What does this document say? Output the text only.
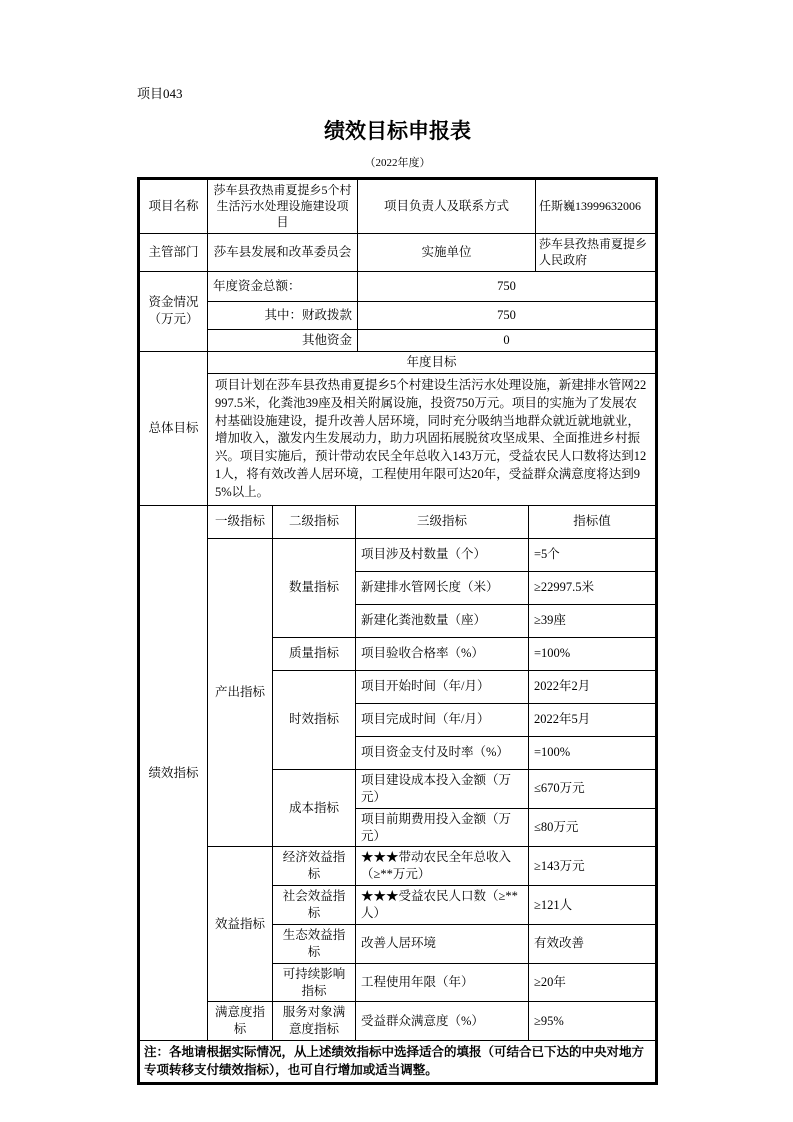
项目043
绩效目标申报表
（2022年度）
项目名称	莎车县孜热甫夏提乡5个村生活污水处理设施建设项目	项目负责人及联系方式	任斯巍13999632006
主管部门	莎车县发展和改革委员会	实施单位	莎车县孜热甫夏提乡人民政府
资金情况
（万元）	年度资金总额：	750
	其中：财政拨款	750
	其他资金	0
总体目标	年度目标
项目计划在莎车县孜热甫夏提乡5个村建设生活污水处理设施，新建排水管网22997.5米，化粪池39座及相关附属设施，投资750万元。项目的实施为了发展农村基础设施建设，提升改善人居环境，同时充分吸纳当地群众就近就地就业，增加收入，激发内生发展动力，助力巩固拓展脱贫攻坚成果、全面推进乡村振兴。项目实施后，预计带动农民全年总收入143万元，受益农民人口数将达到121人，将有效改善人居环境，工程使用年限可达20年，受益群众满意度将达到95%以上。
绩效指标	一级指标	二级指标	三级指标	指标值
	产出指标	数量指标	项目涉及村数量（个）	=5个
			新建排水管网长度（米）	≥22997.5米
			新建化粪池数量（座）	≥39座
		质量指标	项目验收合格率（%）	=100%
		时效指标	项目开始时间（年/月）	2022年2月
			项目完成时间（年/月）	2022年5月
			项目资金支付及时率（%）	=100%
		成本指标	项目建设成本投入金额（万元）	≤670万元
			项目前期费用投入金额（万元）	≤80万元
	效益指标	经济效益指标	★★★带动农民全年总收入（≥**万元）	≥143万元
		社会效益指标	★★★受益农民人口数（≥**人）	≥121人
		生态效益指标	改善人居环境	有效改善
		可持续影响指标	工程使用年限（年）	≥20年
	满意度指标	服务对象满意度指标	受益群众满意度（%）	≥95%
注：各地请根据实际情况，从上述绩效指标中选择适合的填报（可结合已下达的中央对地方专项转移支付绩效指标），也可自行增加或适当调整。
